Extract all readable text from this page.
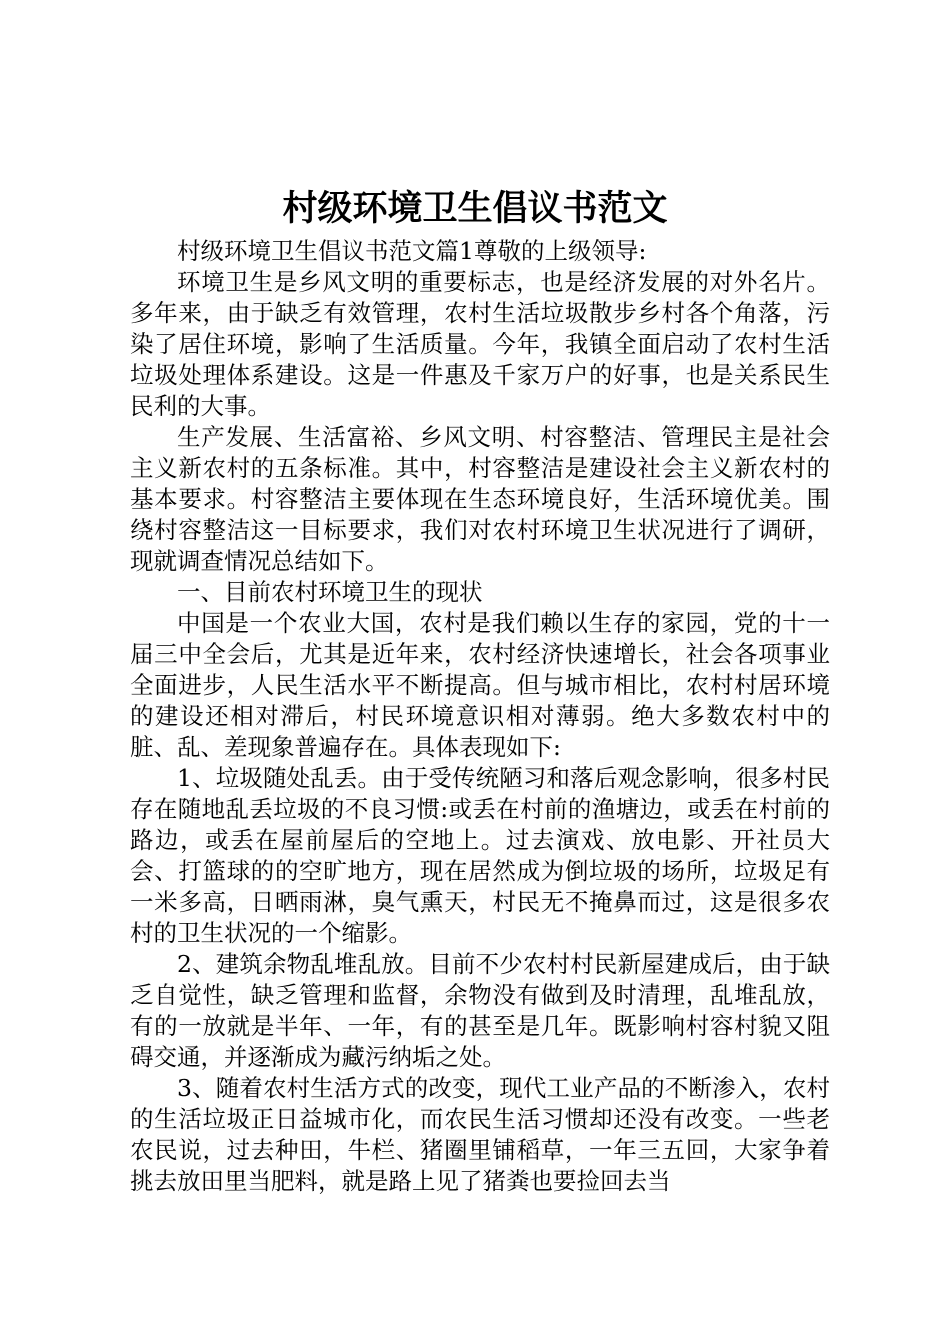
村级环境卫生倡议书范文

村级环境卫生倡议书范文篇1尊敬的上级领导:

环境卫生是乡风文明的重要标志，也是经济发展的对外名片。多年来，由于缺乏有效管理，农村生活垃圾散步乡村各个角落，污染了居住环境，影响了生活质量。今年，我镇全面启动了农村生活垃圾处理体系建设。这是一件惠及千家万户的好事，也是关系民生民利的大事。

生产发展、生活富裕、乡风文明、村容整洁、管理民主是社会主义新农村的五条标准。其中，村容整洁是建设社会主义新农村的基本要求。村容整洁主要体现在生态环境良好，生活环境优美。围绕村容整洁这一目标要求，我们对农村环境卫生状况进行了调研，现就调查情况总结如下。

一、目前农村环境卫生的现状

中国是一个农业大国，农村是我们赖以生存的家园，党的十一届三中全会后，尤其是近年来，农村经济快速增长，社会各项事业全面进步，人民生活水平不断提高。但与城市相比，农村村居环境的建设还相对滞后，村民环境意识相对薄弱。绝大多数农村中的脏、乱、差现象普遍存在。具体表现如下:

1、垃圾随处乱丢。由于受传统陋习和落后观念影响，很多村民存在随地乱丢垃圾的不良习惯:或丢在村前的渔塘边，或丢在村前的路边，或丢在屋前屋后的空地上。过去演戏、放电影、开社员大会、打篮球的的空旷地方，现在居然成为倒垃圾的场所，垃圾足有一米多高，日晒雨淋，臭气熏天，村民无不掩鼻而过，这是很多农村的卫生状况的一个缩影。

2、建筑余物乱堆乱放。目前不少农村村民新屋建成后，由于缺乏自觉性，缺乏管理和监督，余物没有做到及时清理，乱堆乱放，有的一放就是半年、一年，有的甚至是几年。既影响村容村貌又阻碍交通，并逐渐成为藏污纳垢之处。

3、随着农村生活方式的改变，现代工业产品的不断渗入，农村的生活垃圾正日益城市化，而农民生活习惯却还没有改变。一些老农民说，过去种田，牛栏、猪圈里铺稻草，一年三五回，大家争着挑去放田里当肥料，就是路上见了猪粪也要捡回去当
